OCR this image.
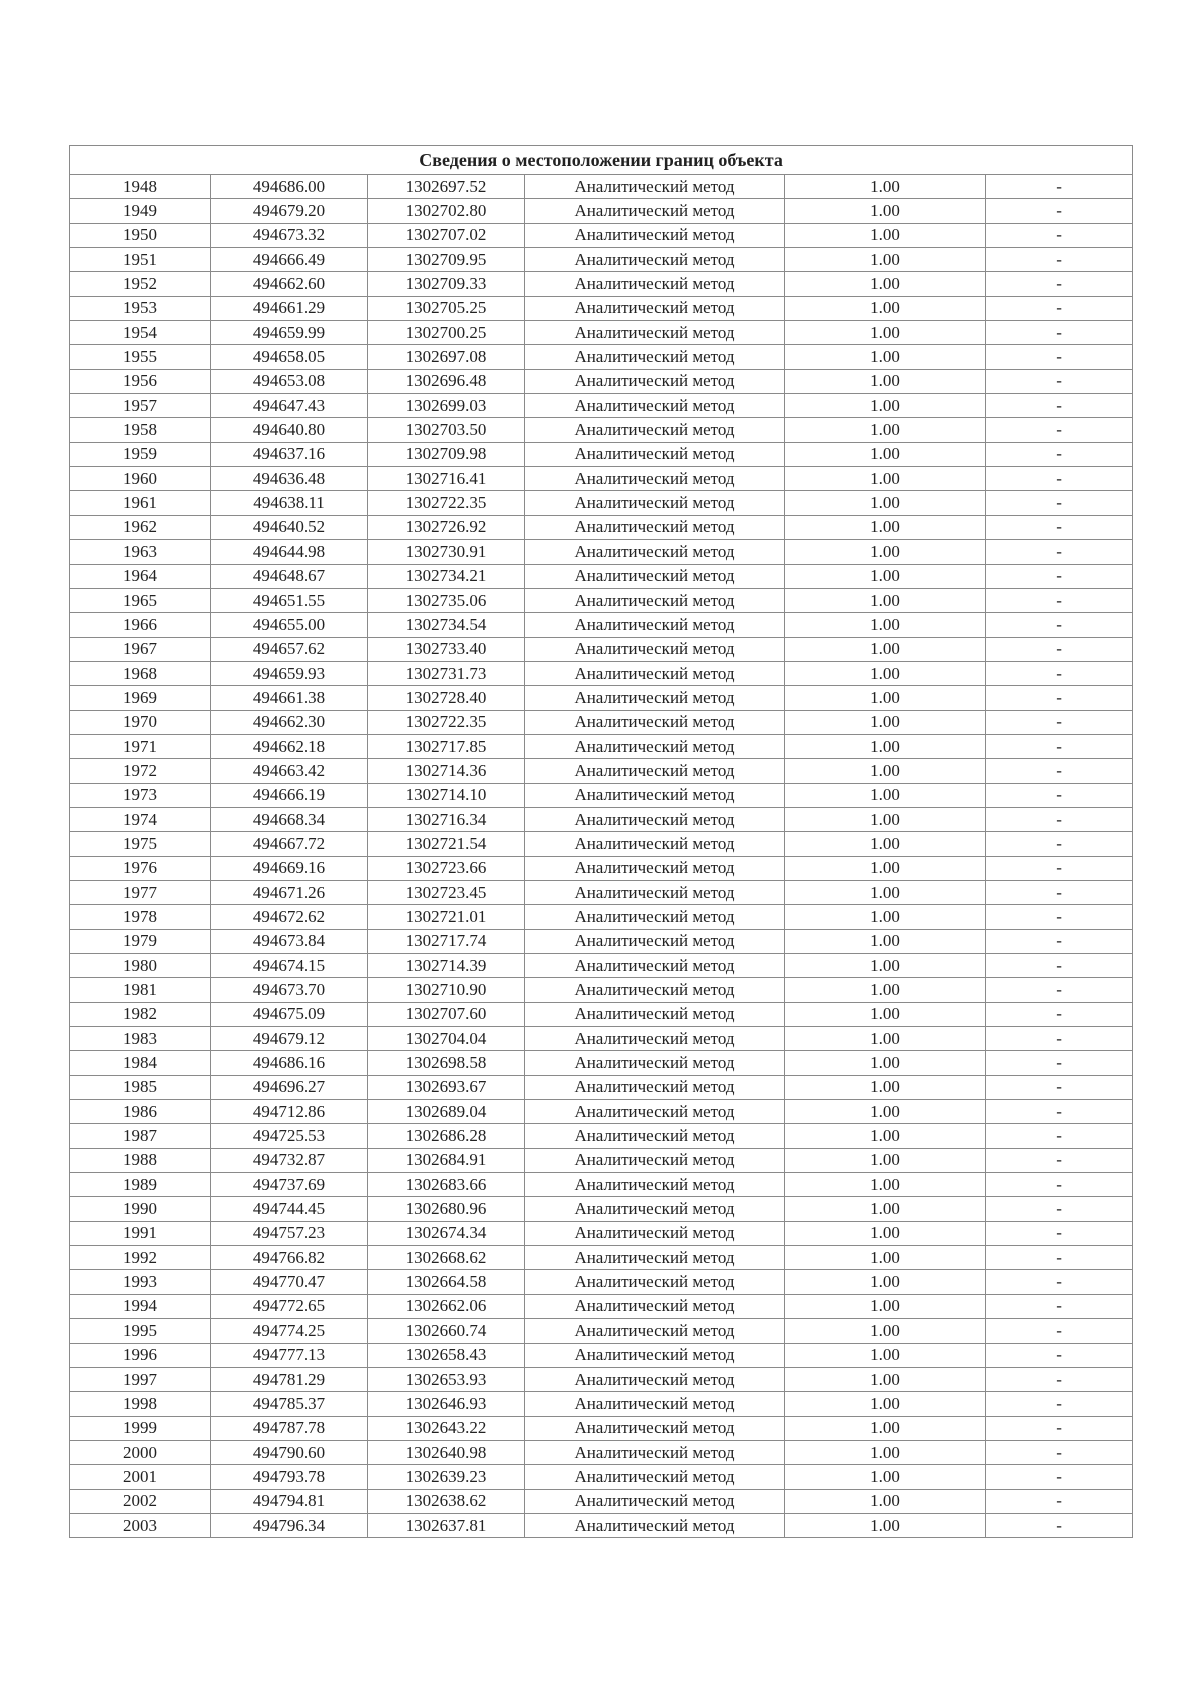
Сведения о местоположении границ объекта					
1948	494686.00	1302697.52	Аналитический метод	1.00	-
1949	494679.20	1302702.80	Аналитический метод	1.00	-
1950	494673.32	1302707.02	Аналитический метод	1.00	-
1951	494666.49	1302709.95	Аналитический метод	1.00	-
1952	494662.60	1302709.33	Аналитический метод	1.00	-
1953	494661.29	1302705.25	Аналитический метод	1.00	-
1954	494659.99	1302700.25	Аналитический метод	1.00	-
1955	494658.05	1302697.08	Аналитический метод	1.00	-
1956	494653.08	1302696.48	Аналитический метод	1.00	-
1957	494647.43	1302699.03	Аналитический метод	1.00	-
1958	494640.80	1302703.50	Аналитический метод	1.00	-
1959	494637.16	1302709.98	Аналитический метод	1.00	-
1960	494636.48	1302716.41	Аналитический метод	1.00	-
1961	494638.11	1302722.35	Аналитический метод	1.00	-
1962	494640.52	1302726.92	Аналитический метод	1.00	-
1963	494644.98	1302730.91	Аналитический метод	1.00	-
1964	494648.67	1302734.21	Аналитический метод	1.00	-
1965	494651.55	1302735.06	Аналитический метод	1.00	-
1966	494655.00	1302734.54	Аналитический метод	1.00	-
1967	494657.62	1302733.40	Аналитический метод	1.00	-
1968	494659.93	1302731.73	Аналитический метод	1.00	-
1969	494661.38	1302728.40	Аналитический метод	1.00	-
1970	494662.30	1302722.35	Аналитический метод	1.00	-
1971	494662.18	1302717.85	Аналитический метод	1.00	-
1972	494663.42	1302714.36	Аналитический метод	1.00	-
1973	494666.19	1302714.10	Аналитический метод	1.00	-
1974	494668.34	1302716.34	Аналитический метод	1.00	-
1975	494667.72	1302721.54	Аналитический метод	1.00	-
1976	494669.16	1302723.66	Аналитический метод	1.00	-
1977	494671.26	1302723.45	Аналитический метод	1.00	-
1978	494672.62	1302721.01	Аналитический метод	1.00	-
1979	494673.84	1302717.74	Аналитический метод	1.00	-
1980	494674.15	1302714.39	Аналитический метод	1.00	-
1981	494673.70	1302710.90	Аналитический метод	1.00	-
1982	494675.09	1302707.60	Аналитический метод	1.00	-
1983	494679.12	1302704.04	Аналитический метод	1.00	-
1984	494686.16	1302698.58	Аналитический метод	1.00	-
1985	494696.27	1302693.67	Аналитический метод	1.00	-
1986	494712.86	1302689.04	Аналитический метод	1.00	-
1987	494725.53	1302686.28	Аналитический метод	1.00	-
1988	494732.87	1302684.91	Аналитический метод	1.00	-
1989	494737.69	1302683.66	Аналитический метод	1.00	-
1990	494744.45	1302680.96	Аналитический метод	1.00	-
1991	494757.23	1302674.34	Аналитический метод	1.00	-
1992	494766.82	1302668.62	Аналитический метод	1.00	-
1993	494770.47	1302664.58	Аналитический метод	1.00	-
1994	494772.65	1302662.06	Аналитический метод	1.00	-
1995	494774.25	1302660.74	Аналитический метод	1.00	-
1996	494777.13	1302658.43	Аналитический метод	1.00	-
1997	494781.29	1302653.93	Аналитический метод	1.00	-
1998	494785.37	1302646.93	Аналитический метод	1.00	-
1999	494787.78	1302643.22	Аналитический метод	1.00	-
2000	494790.60	1302640.98	Аналитический метод	1.00	-
2001	494793.78	1302639.23	Аналитический метод	1.00	-
2002	494794.81	1302638.62	Аналитический метод	1.00	-
2003	494796.34	1302637.81	Аналитический метод	1.00	-
